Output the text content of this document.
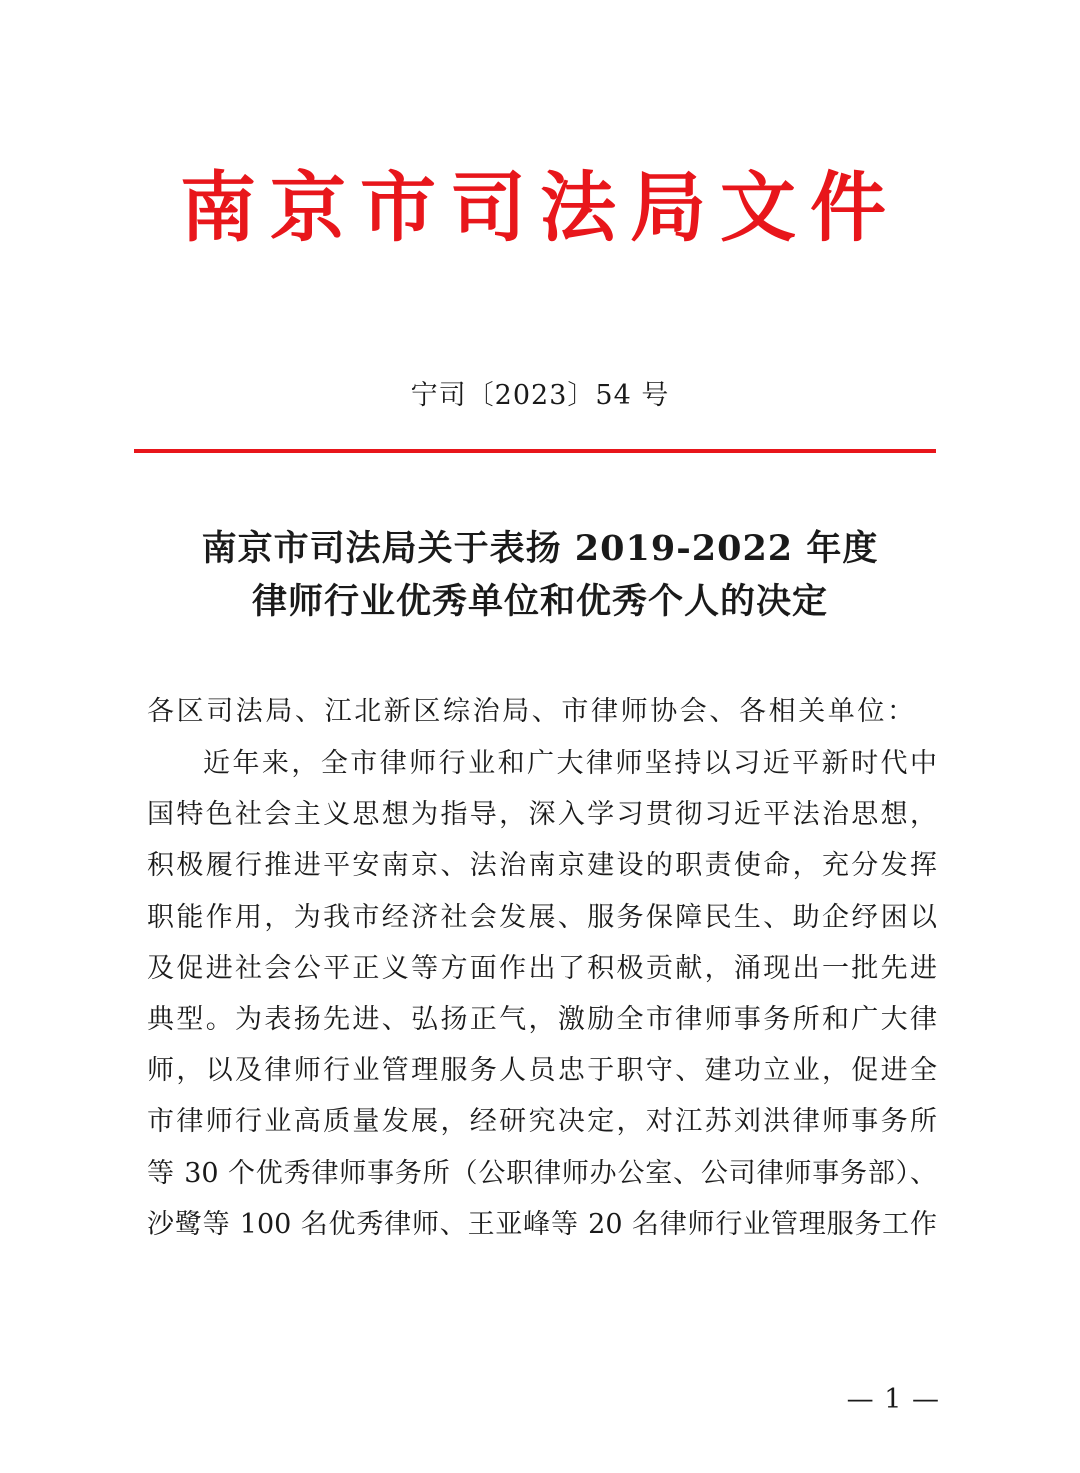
南京市司法局文件
宁司〔2023〕54 号
南京市司法局关于表扬 2019-2022 年度
律师行业优秀单位和优秀个人的决定
各区司法局、江北新区综治局、市律师协会、各相关单位：
近年来，全市律师行业和广大律师坚持以习近平新时代中
国特色社会主义思想为指导，深入学习贯彻习近平法治思想，
积极履行推进平安南京、法治南京建设的职责使命，充分发挥
职能作用，为我市经济社会发展、服务保障民生、助企纾困以
及促进社会公平正义等方面作出了积极贡献，涌现出一批先进
典型。为表扬先进、弘扬正气，激励全市律师事务所和广大律
师，以及律师行业管理服务人员忠于职守、建功立业，促进全
市律师行业高质量发展，经研究决定，对江苏刘洪律师事务所
等 30 个优秀律师事务所（公职律师办公室、公司律师事务部）、
沙鹭等 100 名优秀律师、王亚峰等 20 名律师行业管理服务工作
— 1 —
